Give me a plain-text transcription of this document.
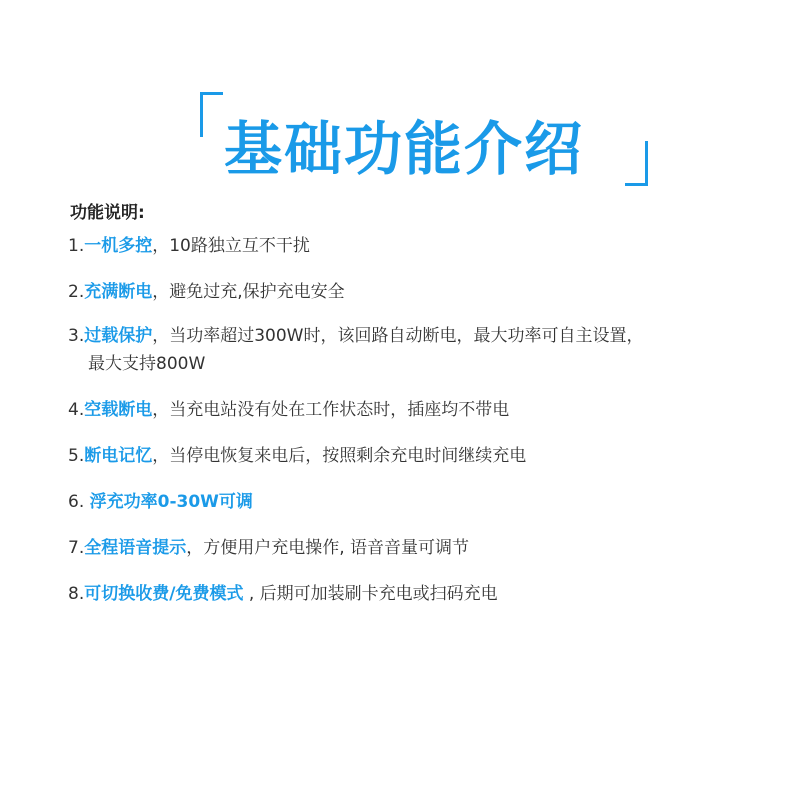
基础功能介绍
功能说明:
1.一机多控，10路独立互不干扰
2.充满断电，避免过充,保护充电安全
3.过载保护，当功率超过300W时，该回路自动断电，最大功率可自主设置，
最大支持800W
4.空载断电，当充电站没有处在工作状态时，插座均不带电
5.断电记忆，当停电恢复来电后，按照剩余充电时间继续充电
6. 浮充功率0-30W可调
7.全程语音提示，方便用户充电操作, 语音音量可调节
8.可切换收费/免费模式 , 后期可加装刷卡充电或扫码充电
